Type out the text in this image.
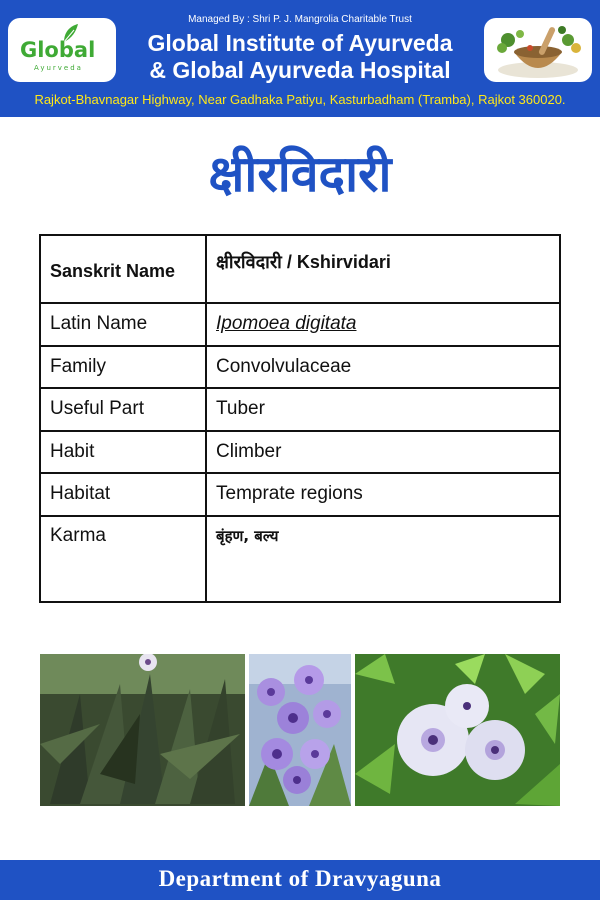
Global
Ayurveda
Managed By : Shri P. J. Mangrolia Charitable Trust
Global Institute of Ayurveda
& Global Ayurveda Hospital
Rajkot-Bhavnagar Highway, Near Gadhaka Patiyu, Kasturbadham (Tramba), Rajkot 360020.
क्षीरविदारी
Sanskrit Name	क्षीरविदारी / Kshirvidari
Latin Name	Ipomoea digitata
Family	Convolvulaceae
Useful Part	Tuber
Habit	Climber
Habitat	Temprate regions
Karma	बृंहण, बल्य
Department of Dravyaguna
